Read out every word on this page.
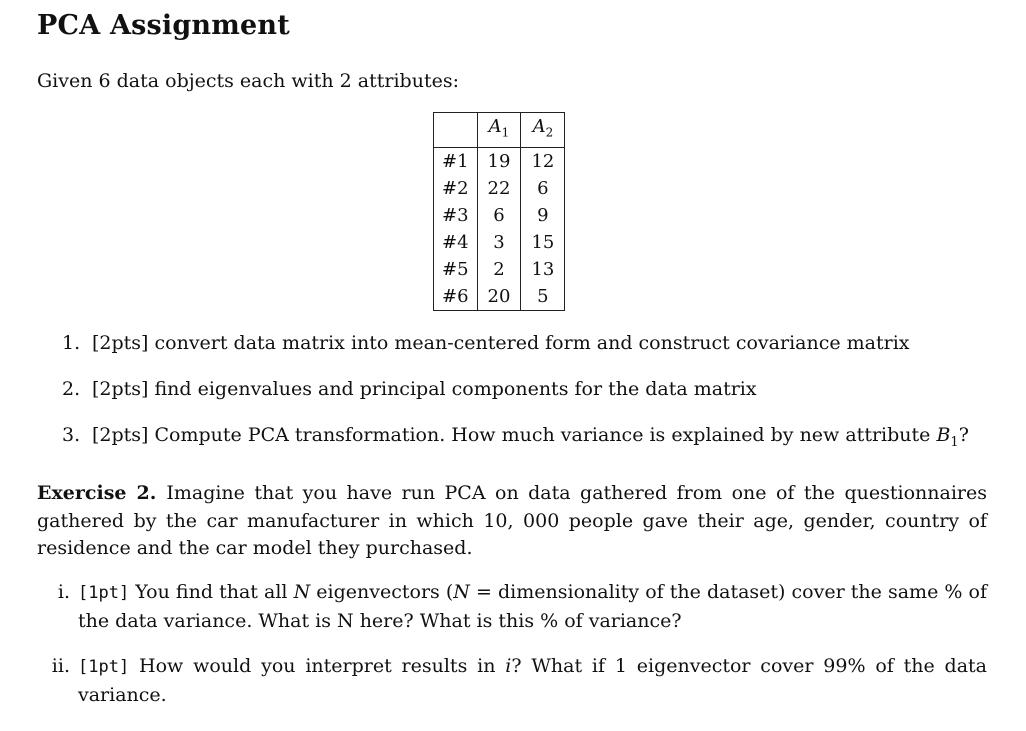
PCA Assignment

Given 6 data objects each with 2 attributes:

	$A_1$	$A_2$
#1	19	12
#2	22	6
#3	6	9
#4	3	15
#5	2	13
#6	20	5
1. [2pts] convert data matrix into mean-centered form and construct covariance matrix
2. [2pts] find eigenvalues and principal components for the data matrix
3. [2pts] Compute PCA transformation. How much variance is explained by new attribute $B_1$?

Exercise 2. Imagine that you have run PCA on data gathered from one of the questionnaires gathered by the car manufacturer in which 10, 000 people gave their age, gender, country of residence and the car model they purchased.

i. [1pt] You find that all N eigenvectors (N = dimensionality of the dataset) cover the same % of the data variance. What is N here? What is this % of variance?
ii. [1pt] How would you interpret results in i? What if 1 eigenvector cover 99% of the data variance.
